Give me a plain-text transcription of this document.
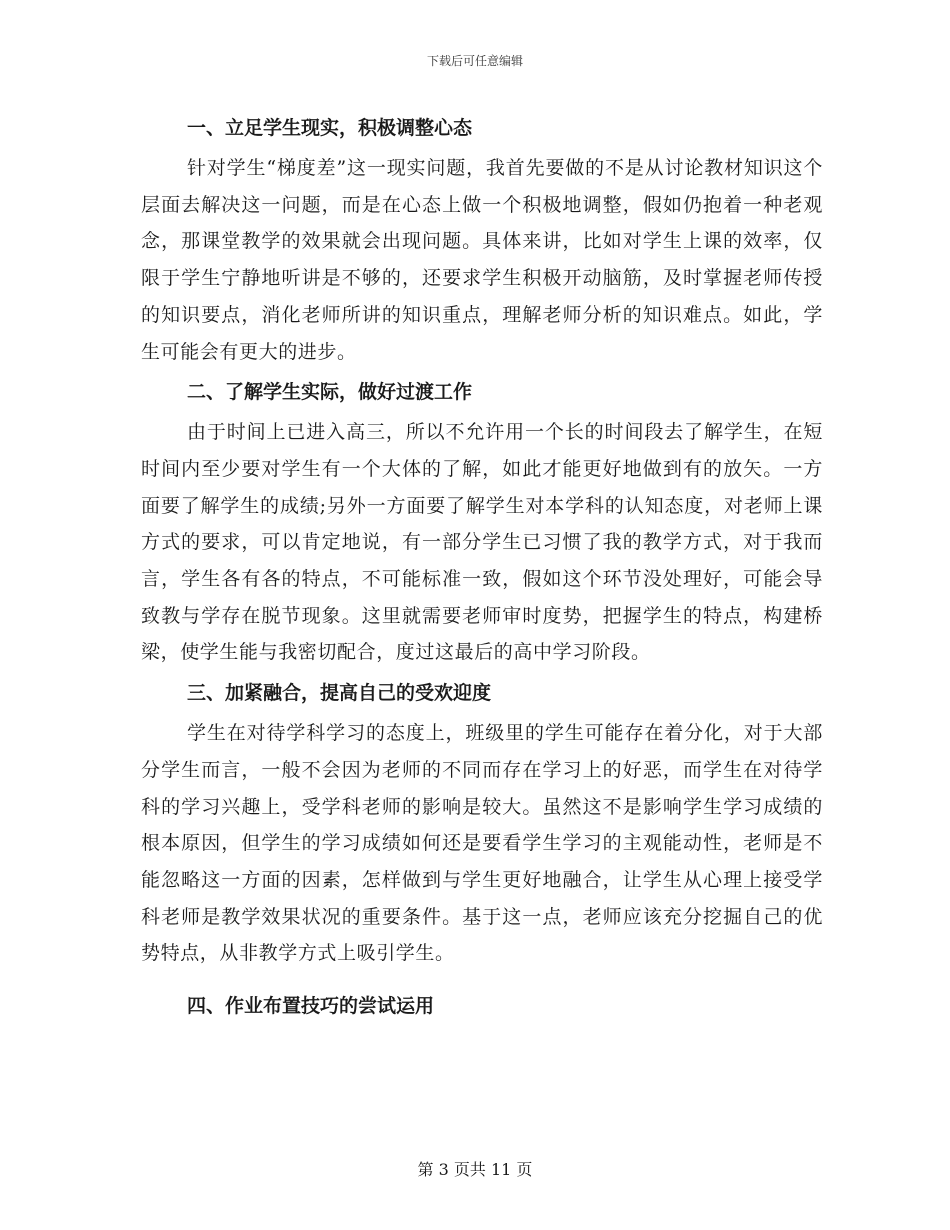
下载后可任意编辑
一、立足学生现实，积极调整心态

针对学生“梯度差”这一现实问题，我首先要做的不是从讨论教材知识这个层面去解决这一问题，而是在心态上做一个积极地调整，假如仍抱着一种老观念，那课堂教学的效果就会出现问题。具体来讲，比如对学生上课的效率，仅限于学生宁静地听讲是不够的，还要求学生积极开动脑筋，及时掌握老师传授的知识要点，消化老师所讲的知识重点，理解老师分析的知识难点。如此，学生可能会有更大的进步。

二、了解学生实际，做好过渡工作

由于时间上已进入高三，所以不允许用一个长的时间段去了解学生，在短时间内至少要对学生有一个大体的了解，如此才能更好地做到有的放矢。一方面要了解学生的成绩;另外一方面要了解学生对本学科的认知态度，对老师上课方式的要求，可以肯定地说，有一部分学生已习惯了我的教学方式，对于我而言，学生各有各的特点，不可能标准一致，假如这个环节没处理好，可能会导致教与学存在脱节现象。这里就需要老师审时度势，把握学生的特点，构建桥梁，使学生能与我密切配合，度过这最后的高中学习阶段。

三、加紧融合，提高自己的受欢迎度

学生在对待学科学习的态度上，班级里的学生可能存在着分化，对于大部分学生而言，一般不会因为老师的不同而存在学习上的好恶，而学生在对待学科的学习兴趣上，受学科老师的影响是较大。虽然这不是影响学生学习成绩的根本原因，但学生的学习成绩如何还是要看学生学习的主观能动性，老师是不能忽略这一方面的因素，怎样做到与学生更好地融合，让学生从心理上接受学科老师是教学效果状况的重要条件。基于这一点，老师应该充分挖掘自己的优势特点，从非教学方式上吸引学生。

四、作业布置技巧的尝试运用
第 3 页共 11 页
